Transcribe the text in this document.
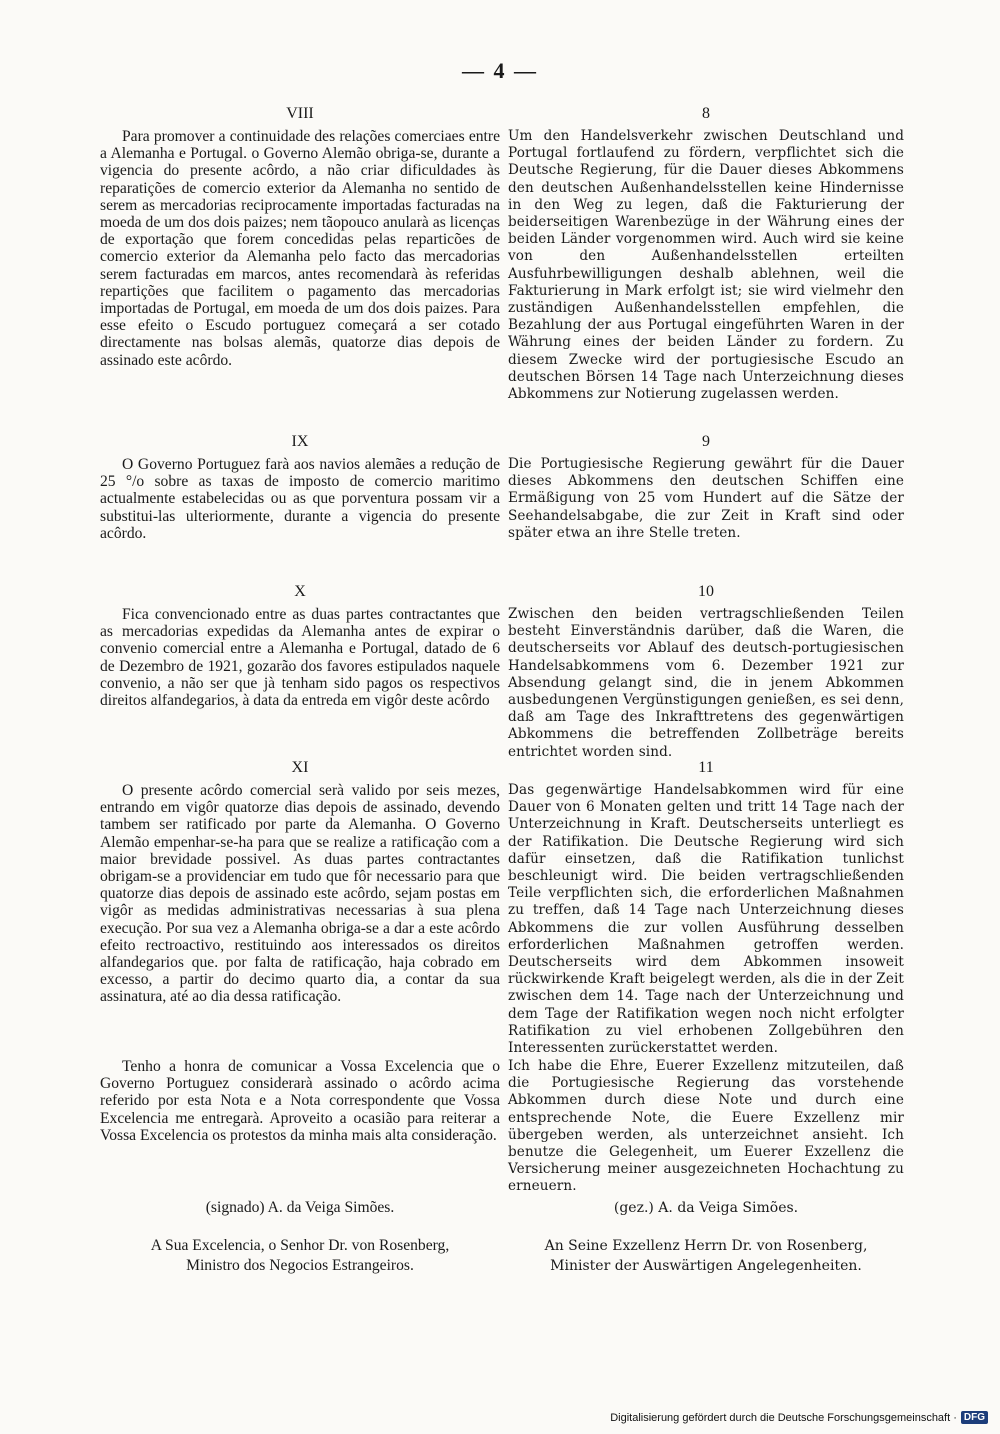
— 4 —
VIII

Para promover a continuidade des relações comerciaes entre a Alemanha e Portugal. o Governo Alemão obriga-se, durante a vigencia do presente acôrdo, a não criar dificuldades às reparatições de comercio exterior da Alemanha no sentido de serem as mercadorias reciprocamente importadas facturadas na moeda de um dos dois paizes; nem tãopouco anularà as licenças de exportação que forem concedidas pelas reparticões de comercio exterior da Alemanha pelo facto das mercadorias serem facturadas em marcos, antes recomendarà às referidas repartições que facilitem o pagamento das mercadorias importadas de Portugal, em moeda de um dos dois paizes. Para esse efeito o Escudo portuguez começará a ser cotado directamente nas bolsas alemãs, quatorze dias depois de assinado este acôrdo.

IX

O Governo Portuguez farà aos navios alemães a redução de 25 °/o sobre as taxas de imposto de comercio maritimo actualmente estabelecidas ou as que porventura possam vir a substitui-las ulteriormente, durante a vigencia do presente acôrdo.

X

Fica convencionado entre as duas partes contractantes que as mercadorias expedidas da Alemanha antes de expirar o convenio comercial entre a Alemanha e Portugal, datado de 6 de Dezembro de 1921, gozarão dos favores estipulados naquele convenio, a não ser que jà tenham sido pagos os respectivos direitos alfandegarios, à data da entreda em vigôr deste acôrdo

XI

O presente acôrdo comercial serà valido por seis mezes, entrando em vigôr quatorze dias depois de assinado, devendo tambem ser ratificado por parte da Alemanha. O Governo Alemão empenhar-se-ha para que se realize a ratificação com a maior brevidade possivel. As duas partes contractantes obrigam-se a providenciar em tudo que fôr necessario para que quatorze dias depois de assinado este acôrdo, sejam postas em vigôr as medidas administrativas necessarias à sua plena execução. Por sua vez a Alemanha obriga-se a dar a este acôrdo efeito rectroactivo, restituindo aos interessados os direitos alfandegarios que. por falta de ratificação, haja cobrado em excesso, a partir do decimo quarto dia, a contar da sua assinatura, até ao dia dessa ratificação.

Tenho a honra de comunicar a Vossa Excelencia que o Governo Portuguez considerarà assinado o acôrdo acima referido por esta Nota e a Nota correspondente que Vossa Excelencia me entregarà. Aproveito a ocasião para reiterar a Vossa Excelencia os protestos da minha mais alta consideração.

(signado) A. da Veiga Simões.
A Sua Excelencia, o Senhor Dr. von Rosenberg,
Ministro dos Negocios Estrangeiros.
8

Um den Handelsverkehr zwischen Deutschland und Portugal fortlaufend zu fördern, verpflichtet sich die Deutsche Regierung, für die Dauer dieses Abkommens den deutschen Außenhandelsstellen keine Hindernisse in den Weg zu legen, daß die Fakturierung der beiderseitigen Warenbezüge in der Währung eines der beiden Länder vorgenommen wird. Auch wird sie keine von den Außenhandelsstellen erteilten Ausfuhrbewilligungen deshalb ablehnen, weil die Fakturierung in Mark erfolgt ist; sie wird vielmehr den zuständigen Außenhandelsstellen empfehlen, die Bezahlung der aus Portugal eingeführten Waren in der Währung eines der beiden Länder zu fordern. Zu diesem Zwecke wird der portugiesische Escudo an deutschen Börsen 14 Tage nach Unterzeichnung dieses Abkommens zur Notierung zugelassen werden.

9

Die Portugiesische Regierung gewährt für die Dauer dieses Abkommens den deutschen Schiffen eine Ermäßigung von 25 vom Hundert auf die Sätze der Seehandelsabgabe, die zur Zeit in Kraft sind oder später etwa an ihre Stelle treten.

10

Zwischen den beiden vertragschließenden Teilen besteht Einverständnis darüber, daß die Waren, die deutscherseits vor Ablauf des deutsch-portugiesischen Handelsabkommens vom 6. Dezember 1921 zur Absendung gelangt sind, die in jenem Abkommen ausbedungenen Vergünstigungen genießen, es sei denn, daß am Tage des Inkrafttretens des gegenwärtigen Abkommens die betreffenden Zollbeträge bereits entrichtet worden sind.

11

Das gegenwärtige Handelsabkommen wird für eine Dauer von 6 Monaten gelten und tritt 14 Tage nach der Unterzeichnung in Kraft. Deutscherseits unterliegt es der Ratifikation. Die Deutsche Regierung wird sich dafür einsetzen, daß die Ratifikation tunlichst beschleunigt wird. Die beiden vertragschließenden Teile verpflichten sich, die erforderlichen Maßnahmen zu treffen, daß 14 Tage nach Unterzeichnung dieses Abkommens die zur vollen Ausführung desselben erforderlichen Maßnahmen getroffen werden. Deutscherseits wird dem Abkommen insoweit rückwirkende Kraft beigelegt werden, als die in der Zeit zwischen dem 14. Tage nach der Unterzeichnung und dem Tage der Ratifikation wegen noch nicht erfolgter Ratifikation zu viel erhobenen Zollgebühren den Interessenten zurückerstattet werden.

Ich habe die Ehre, Euerer Exzellenz mitzuteilen, daß die Portugiesische Regierung das vorstehende Abkommen durch diese Note und durch eine entsprechende Note, die Euere Exzellenz mir übergeben werden, als unterzeichnet ansieht. Ich benutze die Gelegenheit, um Euerer Exzellenz die Versicherung meiner ausgezeichneten Hochachtung zu erneuern.

(gez.) A. da Veiga Simões.
An Seine Exzellenz Herrn Dr. von Rosenberg,
Minister der Auswärtigen Angelegenheiten.
Digitalisierung gefördert durch die Deutsche Forschungsgemeinschaft · DFG
